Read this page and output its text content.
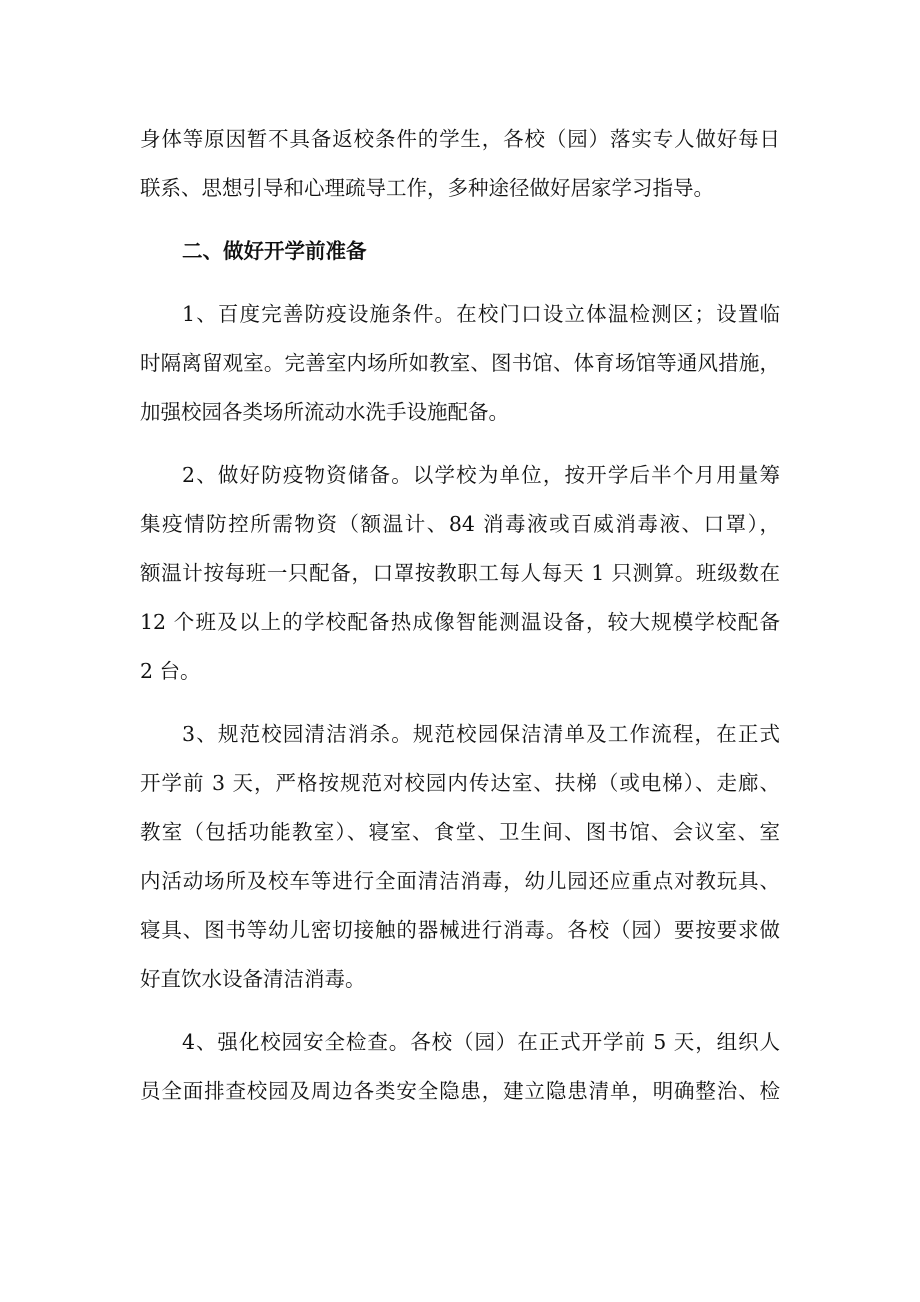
身体等原因暂不具备返校条件的学生，各校（园）落实专人做好每日
联系、思想引导和心理疏导工作，多种途径做好居家学习指导。
二、做好开学前准备
1、百度完善防疫设施条件。在校门口设立体温检测区；设置临
时隔离留观室。完善室内场所如教室、图书馆、体育场馆等通风措施，
加强校园各类场所流动水洗手设施配备。
2、做好防疫物资储备。以学校为单位，按开学后半个月用量筹
集疫情防控所需物资（额温计、84 消毒液或百威消毒液、口罩），
额温计按每班一只配备，口罩按教职工每人每天 1 只测算。班级数在
12 个班及以上的学校配备热成像智能测温设备，较大规模学校配备
2 台。
3、规范校园清洁消杀。规范校园保洁清单及工作流程，在正式
开学前 3 天，严格按规范对校园内传达室、扶梯（或电梯）、走廊、
教室（包括功能教室）、寝室、食堂、卫生间、图书馆、会议室、室
内活动场所及校车等进行全面清洁消毒，幼儿园还应重点对教玩具、
寝具、图书等幼儿密切接触的器械进行消毒。各校（园）要按要求做
好直饮水设备清洁消毒。
4、强化校园安全检查。各校（园）在正式开学前 5 天，组织人
员全面排查校园及周边各类安全隐患，建立隐患清单，明确整治、检
